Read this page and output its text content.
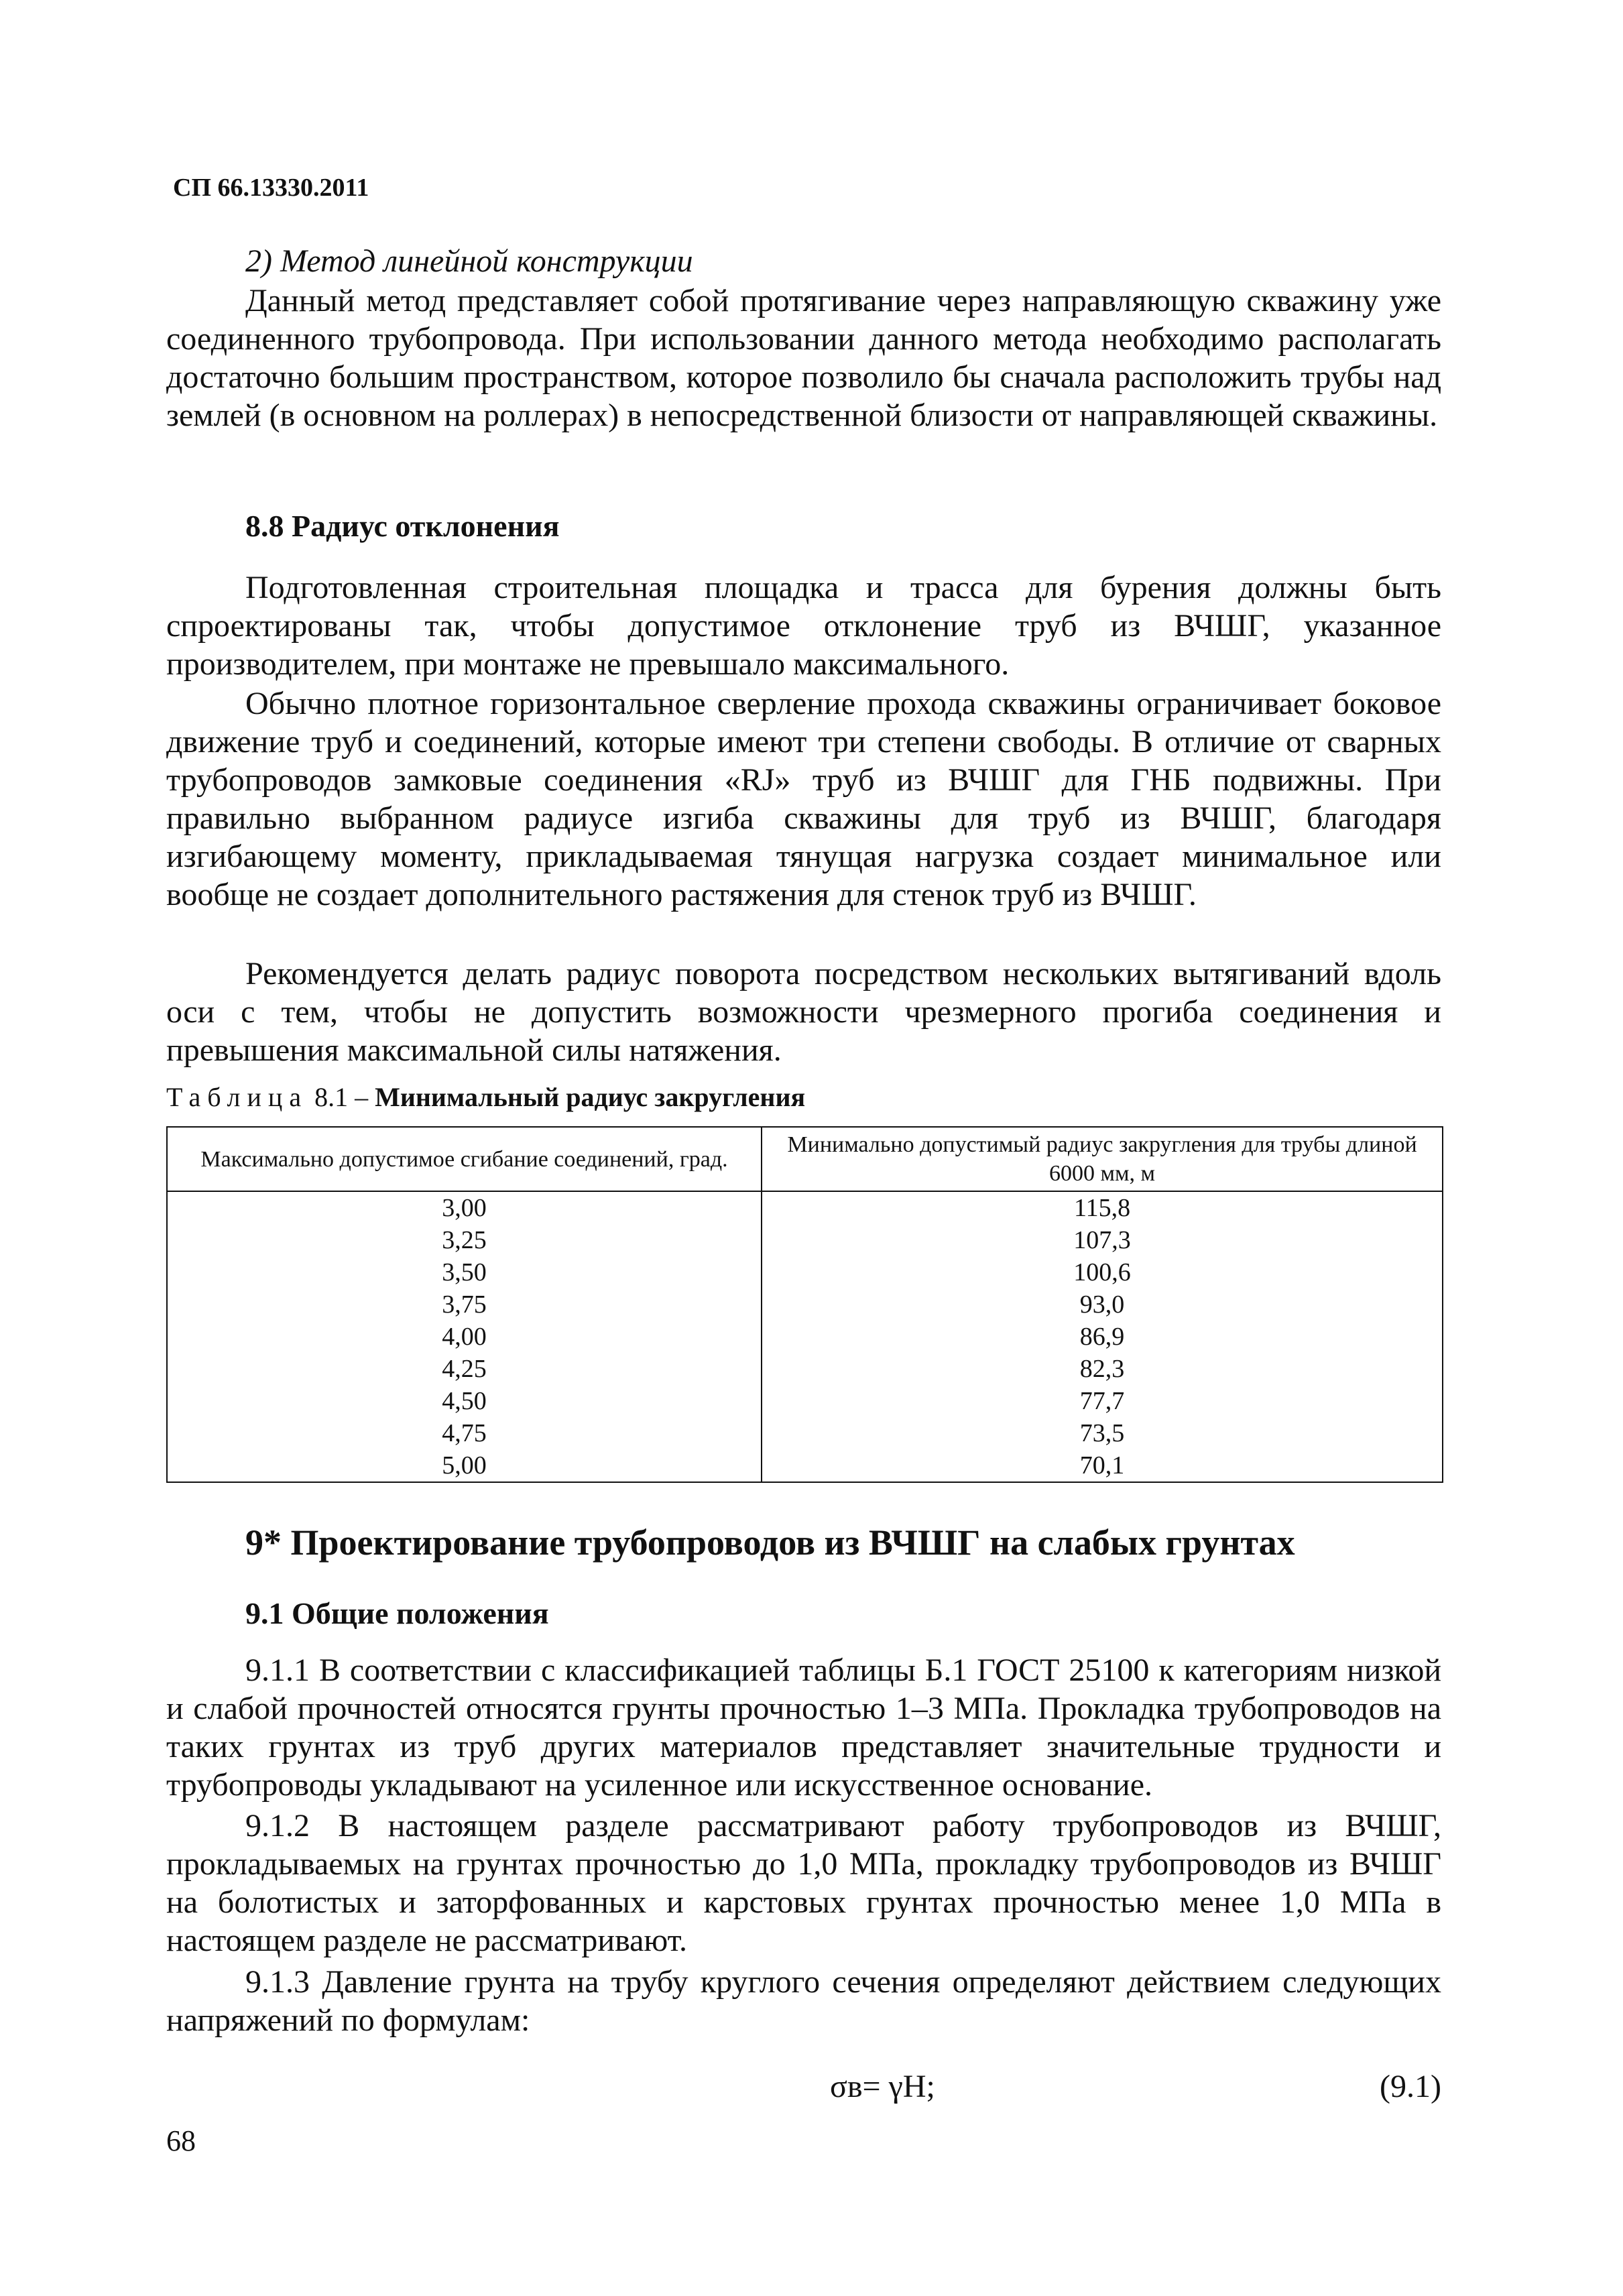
СП 66.13330.2011
2) Метод линейной конструкции
Данный метод представляет собой протягивание через направляющую скважину уже соединенного трубопровода. При использовании данного метода необходимо располагать достаточно большим пространством, которое позволило бы сначала расположить трубы над землей (в основном на роллерах) в непосредственной близости от направляющей скважины.
8.8 Радиус отклонения
Подготовленная строительная площадка и трасса для бурения должны быть спроектированы так, чтобы допустимое отклонение труб из ВЧШГ, указанное производителем, при монтаже не превышало максимального.
Обычно плотное горизонтальное сверление прохода скважины ограничивает боковое движение труб и соединений, которые имеют три степени свободы. В отличие от сварных трубопроводов замковые соединения «RJ» труб из ВЧШГ для ГНБ подвижны. При правильно выбранном радиусе изгиба скважины для труб из ВЧШГ, благодаря изгибающему моменту, прикладываемая тянущая нагрузка создает минимальное или вообще не создает дополнительного растяжения для стенок труб из ВЧШГ.
Рекомендуется делать радиус поворота посредством нескольких вытягиваний вдоль оси с тем, чтобы не допустить возможности чрезмерного прогиба соединения и превышения максимальной силы натяжения.
Таблица 8.1 – Минимальный радиус закругления
Максимально допустимое сгибание соединений, град.	Минимально допустимый радиус закругления для трубы длиной 6000 мм, м
3,00	115,8
3,25	107,3
3,50	100,6
3,75	93,0
4,00	86,9
4,25	82,3
4,50	77,7
4,75	73,5
5,00	70,1
9* Проектирование трубопроводов из ВЧШГ на слабых грунтах
9.1 Общие положения
9.1.1 В соответствии с классификацией таблицы Б.1 ГОСТ 25100 к категориям низкой и слабой прочностей относятся грунты прочностью 1–3 МПа. Прокладка трубопроводов на таких грунтах из труб других материалов представляет значительные трудности и трубопроводы укладывают на усиленное или искусственное основание.
9.1.2 В настоящем разделе рассматривают работу трубопроводов из ВЧШГ, прокладываемых на грунтах прочностью до 1,0 МПа, прокладку трубопроводов из ВЧШГ на болотистых и заторфованных и карстовых грунтах прочностью менее 1,0 МПа в настоящем разделе не рассматривают.
9.1.3 Давление грунта на трубу круглого сечения определяют действием следующих напряжений по формулам:
σв= γH;	(9.1)
68
